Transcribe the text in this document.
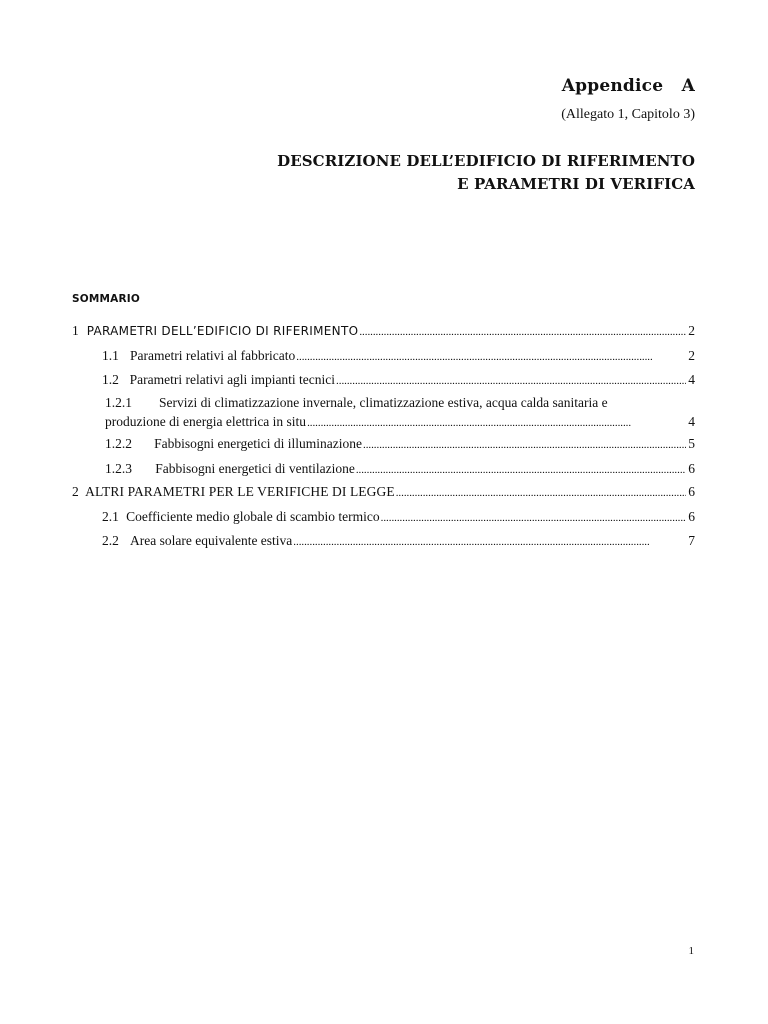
Appendice   A
(Allegato 1, Capitolo 3)
DESCRIZIONE DELL’EDIFICIO DI RIFERIMENTO
E PARAMETRI DI VERIFICA
SOMMARIO
1 PARAMETRI DELL’EDIFICIO DI RIFERIMENTO . . .	2
1.1 Parametri relativi al fabbricato . . .	2
1.2 Parametri relativi agli impianti tecnici . . .	4
1.2.1 Servizi di climatizzazione invernale, climatizzazione estiva, acqua calda sanitaria e
produzione di energia elettrica in situ . . .	4
1.2.2	Fabbisogni energetici di illuminazione . . .	5
1.2.3	Fabbisogni energetici di ventilazione . . .	6
2 ALTRI PARAMETRI PER LE VERIFICHE DI LEGGE . . .	6
2.1 Coefficiente medio globale di scambio termico . . .	6
2.2 Area solare equivalente estiva . . .	7
1
